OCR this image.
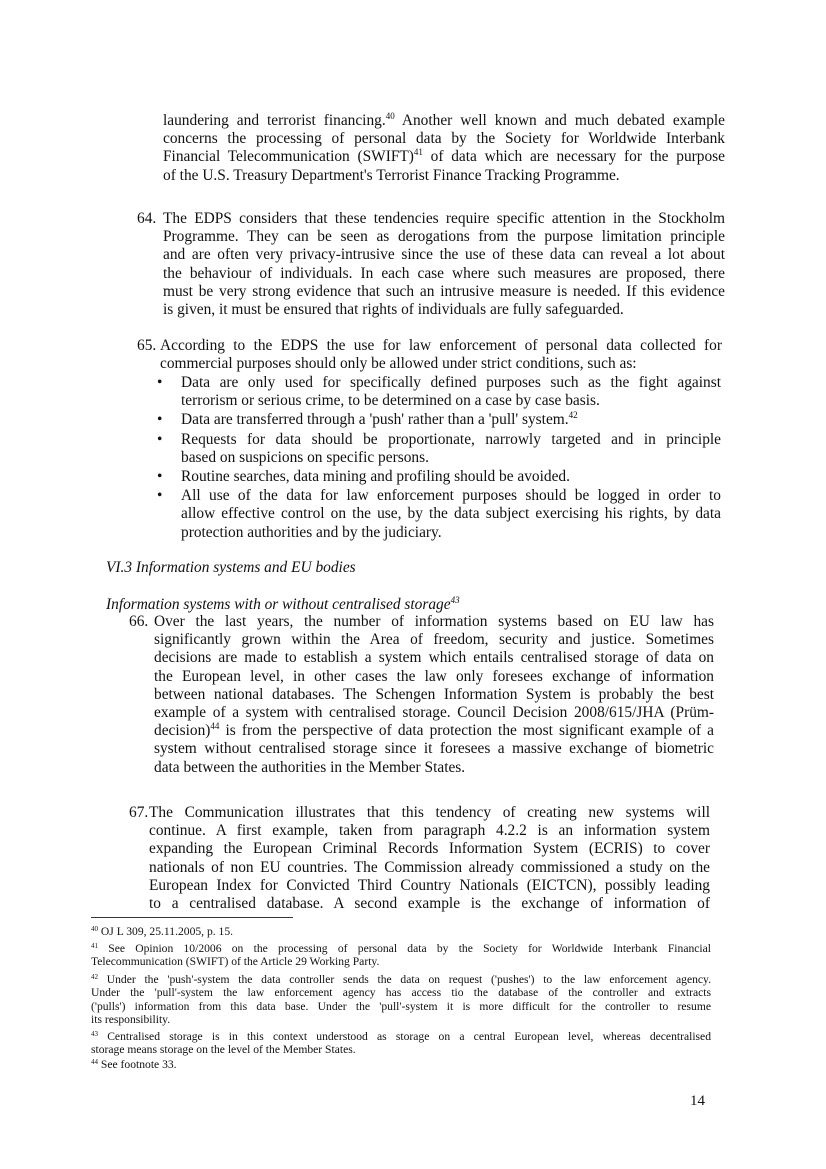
laundering and terrorist financing.$^{40}$ Another well known and much debated example
concerns the processing of personal data by the Society for Worldwide Interbank
Financial Telecommunication (SWIFT)$^{41}$ of data which are necessary for the purpose
of the U.S. Treasury Department's Terrorist Finance Tracking Programme.
64. The EDPS considers that these tendencies require specific attention in the Stockholm
Programme. They can be seen as derogations from the purpose limitation principle
and are often very privacy-intrusive since the use of these data can reveal a lot about
the behaviour of individuals. In each case where such measures are proposed, there
must be very strong evidence that such an intrusive measure is needed. If this evidence
is given, it must be ensured that rights of individuals are fully safeguarded.
65. According to the EDPS the use for law enforcement of personal data collected for
commercial purposes should only be allowed under strict conditions, such as:
• Data are only used for specifically defined purposes such as the fight against
terrorism or serious crime, to be determined on a case by case basis.
• Data are transferred through a 'push' rather than a 'pull' system.$^{42}$
• Requests for data should be proportionate, narrowly targeted and in principle
based on suspicions on specific persons.
• Routine searches, data mining and profiling should be avoided.
• All use of the data for law enforcement purposes should be logged in order to
allow effective control on the use, by the data subject exercising his rights, by data
protection authorities and by the judiciary.
VI.3 Information systems and EU bodies
Information systems with or without centralised storage$^{43}$
66. Over the last years, the number of information systems based on EU law has
significantly grown within the Area of freedom, security and justice. Sometimes
decisions are made to establish a system which entails centralised storage of data on
the European level, in other cases the law only foresees exchange of information
between national databases. The Schengen Information System is probably the best
example of a system with centralised storage. Council Decision 2008/615/JHA (Prüm-
decision)$^{44}$ is from the perspective of data protection the most significant example of a
system without centralised storage since it foresees a massive exchange of biometric
data between the authorities in the Member States.
67. The Communication illustrates that this tendency of creating new systems will
continue. A first example, taken from paragraph 4.2.2 is an information system
expanding the European Criminal Records Information System (ECRIS) to cover
nationals of non EU countries. The Commission already commissioned a study on the
European Index for Convicted Third Country Nationals (EICTCN), possibly leading
to a centralised database. A second example is the exchange of information of
$^{40}$ OJ L 309, 25.11.2005, p. 15.
$^{41}$ See Opinion 10/2006 on the processing of personal data by the Society for Worldwide Interbank Financial
Telecommunication (SWIFT) of the Article 29 Working Party.
$^{42}$ Under the 'push'-system the data controller sends the data on request ('pushes') to the law enforcement agency.
Under the 'pull'-system the law enforcement agency has access tio the database of the controller and extracts
('pulls') information from this data base. Under the 'pull'-system it is more difficult for the controller to resume
its responsibility.
$^{43}$ Centralised storage is in this context understood as storage on a central European level, whereas decentralised
storage means storage on the level of the Member States.
$^{44}$ See footnote 33.
14
